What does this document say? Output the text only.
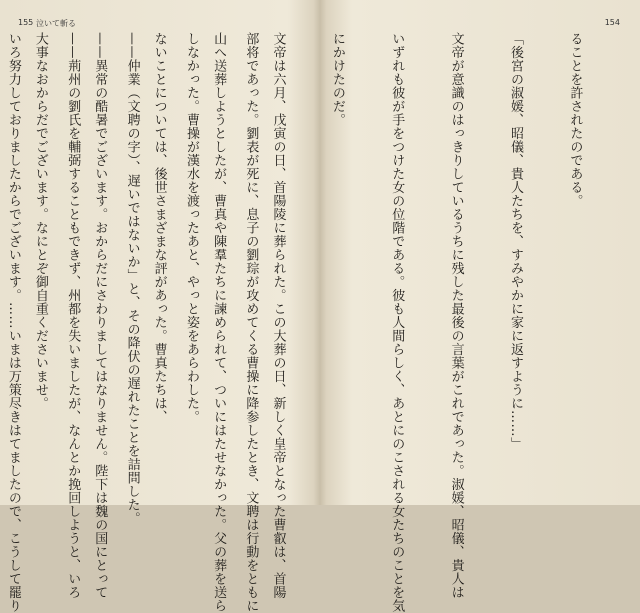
155 泣いて斬る

部将であった。劉表が死に、息子の劉琮が攻めてくる曹操に降参したとき、文聘は行動をともに

しなかった。曹操が漢水を渡ったあと、やっと姿をあらわした。

——仲業（文聘の字）、遅いではないか」と、その降伏の遅れたことを詰問した。

——荊州の劉氏を輔弼することもできず、州都を失いましたが、なんとか挽回しようと、いろ

いろ努力しておりましたからでございます。……いまは万策尽きはてましたので、こうして罷り

154

ることを許されたのである。

「後宮の淑媛、昭儀、貴人たちを、すみやかに家に返すように……」

文帝が意識のはっきりしているうちに残した最後の言葉がこれであった。淑媛、昭儀、貴人は

いずれも彼が手をつけた女の位階である。彼も人間らしく、あとにのこされる女たちのことを気

にかけたのだ。

文帝は六月、戊寅の日、首陽陵に葬られた。この大葬の日、新しく皇帝となった曹叡は、首陽

山へ送葬しようとしたが、曹真や陳羣たちに諫められて、ついにはたせなかった。父の葬を送ら

ないことについては、後世さまざまな評があった。曹真たちは、

——異常の酷暑でございます。おからだにさわりましてはなりません。陛下は魏の国にとって

大事なおからだでございます。なにとぞ御自重くださいませ。
